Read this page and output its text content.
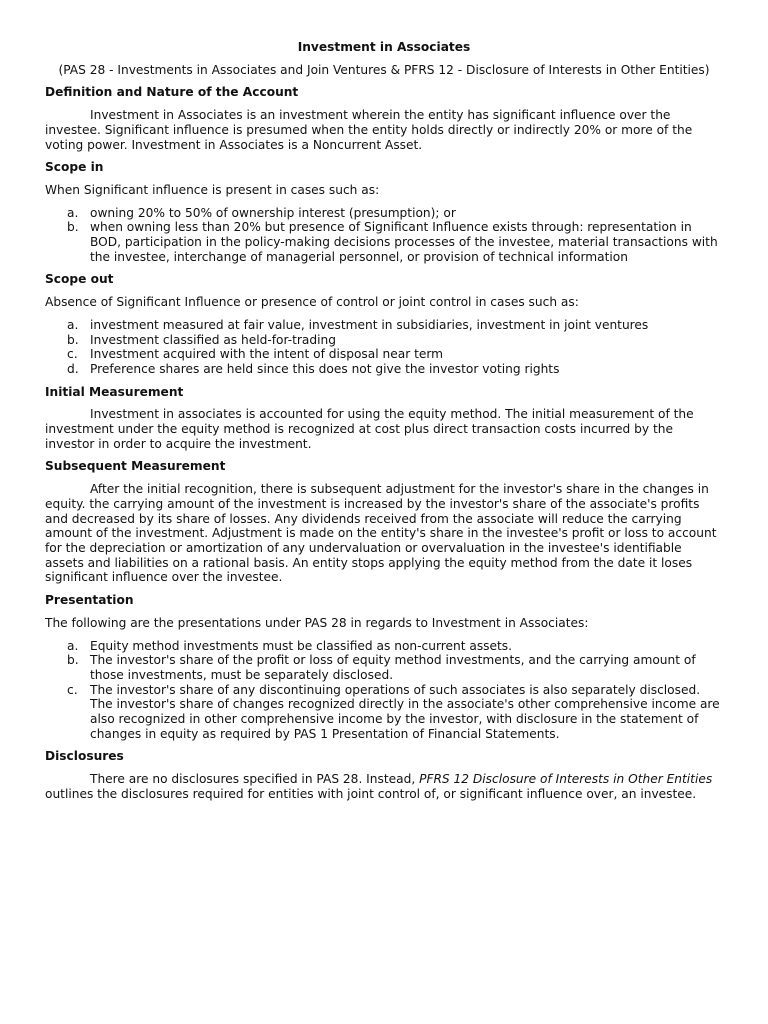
Investment in Associates
(PAS 28 - Investments in Associates and Join Ventures & PFRS 12 - Disclosure of Interests in Other Entities)
Definition and Nature of the Account

Investment in Associates is an investment wherein the entity has significant influence over the investee. Significant influence is presumed when the entity holds directly or indirectly 20% or more of the voting power. Investment in Associates is a Noncurrent Asset.

Scope in

When Significant influence is present in cases such as:

a. owning 20% to 50% of ownership interest (presumption); or
b. when owning less than 20% but presence of Significant Influence exists through: representation in BOD, participation in the policy-making decisions processes of the investee, material transactions with the investee, interchange of managerial personnel, or provision of technical information
Scope out

Absence of Significant Influence or presence of control or joint control in cases such as:

a. investment measured at fair value, investment in subsidiaries, investment in joint ventures
b. Investment classified as held-for-trading
c. Investment acquired with the intent of disposal near term
d. Preference shares are held since this does not give the investor voting rights
Initial Measurement

Investment in associates is accounted for using the equity method. The initial measurement of the investment under the equity method is recognized at cost plus direct transaction costs incurred by the investor in order to acquire the investment.

Subsequent Measurement

After the initial recognition, there is subsequent adjustment for the investor's share in the changes in equity. the carrying amount of the investment is increased by the investor's share of the associate's profits and decreased by its share of losses. Any dividends received from the associate will reduce the carrying amount of the investment. Adjustment is made on the entity's share in the investee's profit or loss to account for the depreciation or amortization of any undervaluation or overvaluation in the investee's identifiable assets and liabilities on a rational basis. An entity stops applying the equity method from the date it loses significant influence over the investee.

Presentation

The following are the presentations under PAS 28 in regards to Investment in Associates:

a. Equity method investments must be classified as non-current assets.
b. The investor's share of the profit or loss of equity method investments, and the carrying amount of those investments, must be separately disclosed.
c. The investor's share of any discontinuing operations of such associates is also separately disclosed. The investor's share of changes recognized directly in the associate's other comprehensive income are also recognized in other comprehensive income by the investor, with disclosure in the statement of changes in equity as required by PAS 1 Presentation of Financial Statements.
Disclosures

There are no disclosures specified in PAS 28. Instead, PFRS 12 Disclosure of Interests in Other Entities outlines the disclosures required for entities with joint control of, or significant influence over, an investee.
